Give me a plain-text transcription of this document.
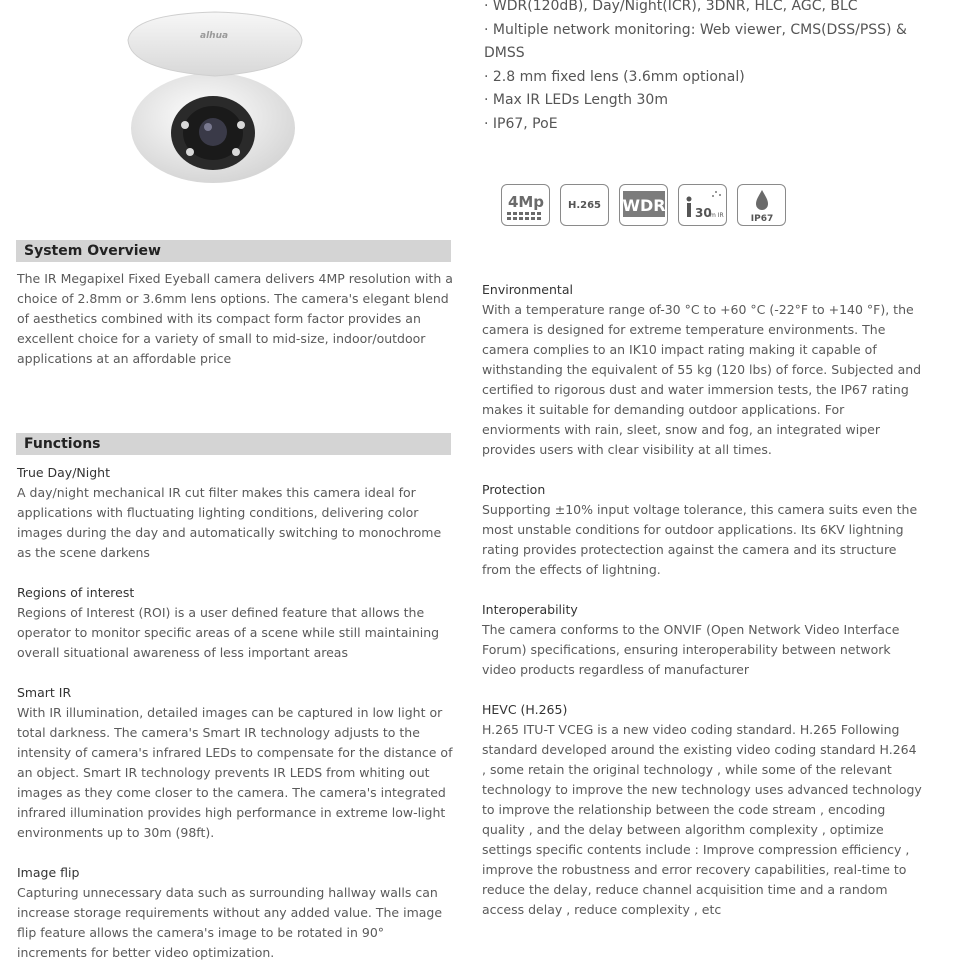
alhua
· WDR(120dB), Day/Night(ICR), 3DNR, HLC, AGC, BLC
· Multiple network monitoring: Web viewer, CMS(DSS/PSS) &
DMSS
· 2.8 mm fixed lens (3.6mm optional)
· Max IR LEDs Length 30m
· IP67, PoE
4Mp H.265 WDR 30
m IR	IP67
System Overview
The IR Megapixel Fixed Eyeball camera delivers 4MP resolution with a choice of 2.8mm or 3.6mm lens options. The camera's elegant blend of aesthetics combined with its compact form factor provides an excellent choice for a variety of small to mid-size, indoor/outdoor applications at an affordable price
Functions
True Day/Night
A day/night mechanical IR cut filter makes this camera ideal for applications with fluctuating lighting conditions, delivering color images during the day and automatically switching to monochrome as the scene darkens
Regions of interest
Regions of Interest (ROI) is a user defined feature that allows the operator to monitor specific areas of a scene while still maintaining overall situational awareness of less important areas
Smart IR
With IR illumination, detailed images can be captured in low light or total darkness. The camera's Smart IR technology adjusts to the intensity of camera's infrared LEDs to compensate for the distance of an object. Smart IR technology prevents IR LEDS from whiting out images as they come closer to the camera. The camera's integrated infrared illumination provides high performance in extreme low-light environments up to 30m (98ft).
Image flip
Capturing unnecessary data such as surrounding hallway walls can increase storage requirements without any added value. The image flip feature allows the camera's image to be rotated in 90° increments for better video optimization.
Environmental
With a temperature range of-30 °C to +60 °C (-22°F to +140 °F), the camera is designed for extreme temperature environments. The camera complies to an IK10 impact rating making it capable of withstanding the equivalent of 55 kg (120 lbs) of force. Subjected and certified to rigorous dust and water immersion tests, the IP67 rating makes it suitable for demanding outdoor applications. For enviorments with rain, sleet, snow and fog, an integrated wiper provides users with clear visibility at all times.
Protection
Supporting ±10% input voltage tolerance, this camera suits even the most unstable conditions for outdoor applications. Its 6KV lightning rating provides protectection against the camera and its structure from the effects of lightning.
Interoperability
The camera conforms to the ONVIF (Open Network Video Interface Forum) specifications, ensuring interoperability between network video products regardless of manufacturer
HEVC (H.265)
H.265 ITU-T VCEG is a new video coding standard. H.265 Following standard developed around the existing video coding standard H.264 , some retain the original technology , while some of the relevant technology to improve the new technology uses advanced technology to improve the relationship between the code stream , encoding quality , and the delay between algorithm complexity , optimize settings specific contents include : Improve compression efficiency , improve the robustness and error recovery capabilities, real-time to reduce the delay, reduce channel acquisition time and a random access delay , reduce complexity , etc
